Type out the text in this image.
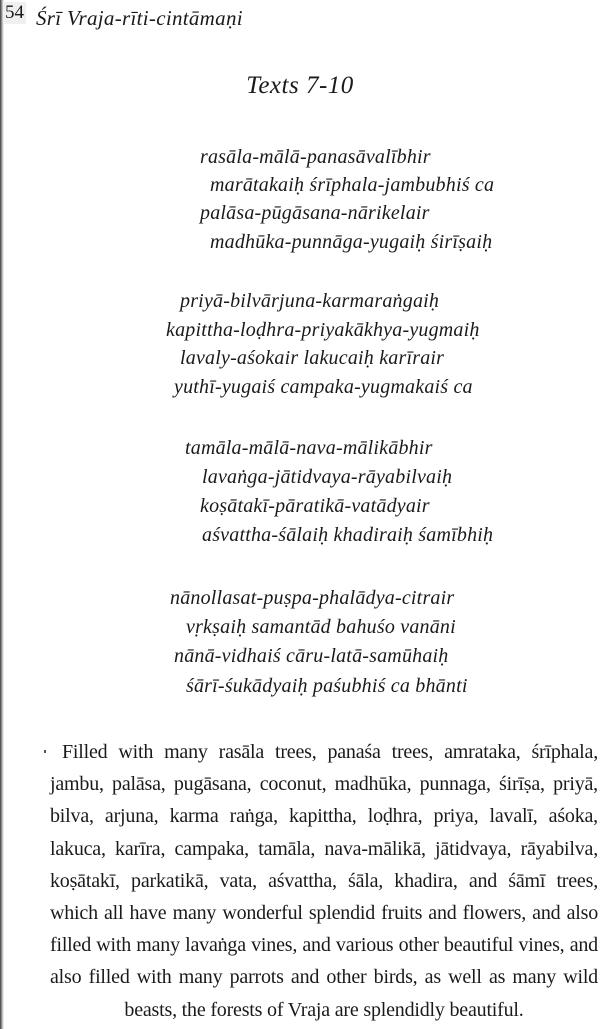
54 Śrī Vraja-rīti-cintāmaṇi
Texts 7-10
rasāla-mālā-panasāvalībhir
marātakaiḥ śrīphala-jambubhiś ca
palāsa-pūgāsana-nārikelair
madhūka-punnāga-yugaiḥ śirīṣaiḥ
priyā-bilvārjuna-karmaraṅgaiḥ
kapittha-loḍhra-priyakākhya-yugmaiḥ
lavaly-aśokair lakucaiḥ karīrair
yuthī-yugaiś campaka-yugmakaiś ca
tamāla-mālā-nava-mālikābhir
lavaṅga-jātidvaya-rāyabilvaiḥ
koṣātakī-pāratikā-vatādyair
aśvattha-śālaiḥ khadiraiḥ śamībhiḥ
nānollasat-puṣpa-phalādya-citrair
vṛkṣaiḥ samantād bahuśo vanāni
nānā-vidhaiś cāru-latā-samūhaiḥ
śārī-śukādyaiḥ paśubhiś ca bhānti

Filled with many rasāla trees, panaśa trees, amrataka, śrīphala, jambu, palāsa, pugāsana, coconut, madhūka, punnaga, śirīṣa, priyā, bilva, arjuna, karma raṅga, kapittha, loḍhra, priya, lavalī, aśoka, lakuca, karīra, campaka, tamāla, nava-mālikā, jātidvaya, rāyabilva, koṣātakī, parkatikā, vata, aśvattha, śāla, khadira, and śāmī trees, which all have many wonderful splendid fruits and flowers, and also filled with many lavaṅga vines, and various other beautiful vines, and also filled with many parrots and other birds, as well as many wild beasts, the forests of Vraja are splendidly beautiful.
